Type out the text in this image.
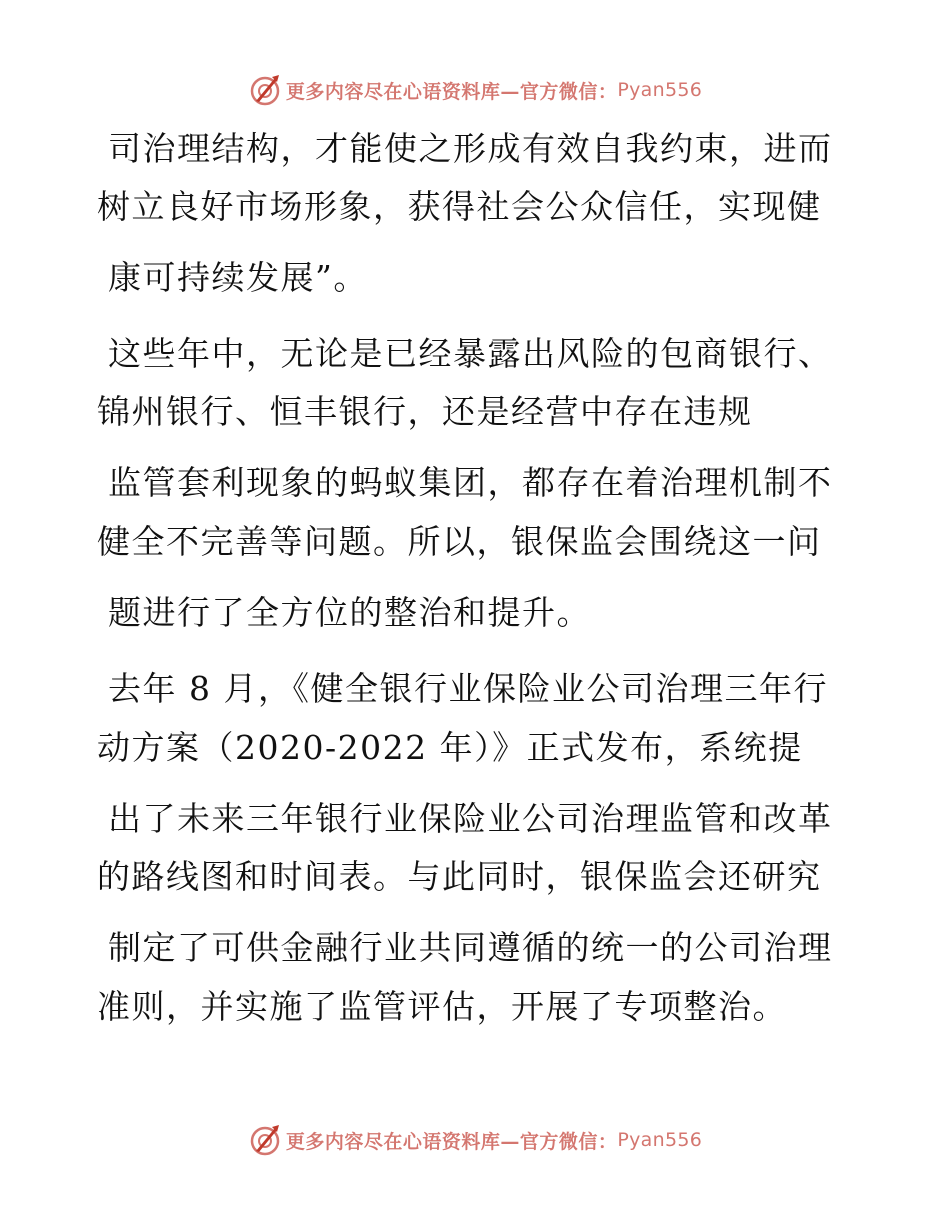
更多内容尽在心语资料库—官方微信： Pyan556
司治理结构，才能使之形成有效自我约束，进而
树立良好市场形象，获得社会公众信任，实现健
康可持续发展”。
这些年中，无论是已经暴露出风险的包商银行、
锦州银行、恒丰银行，还是经营中存在违规
监管套利现象的蚂蚁集团，都存在着治理机制不
健全不完善等问题。所以，银保监会围绕这一问
题进行了全方位的整治和提升。
去年 8 月，《健全银行业保险业公司治理三年行
动方案（2020-2022 年）》正式发布，系统提
出了未来三年银行业保险业公司治理监管和改革
的路线图和时间表。与此同时，银保监会还研究
制定了可供金融行业共同遵循的统一的公司治理
准则，并实施了监管评估，开展了专项整治。
更多内容尽在心语资料库—官方微信： Pyan556
